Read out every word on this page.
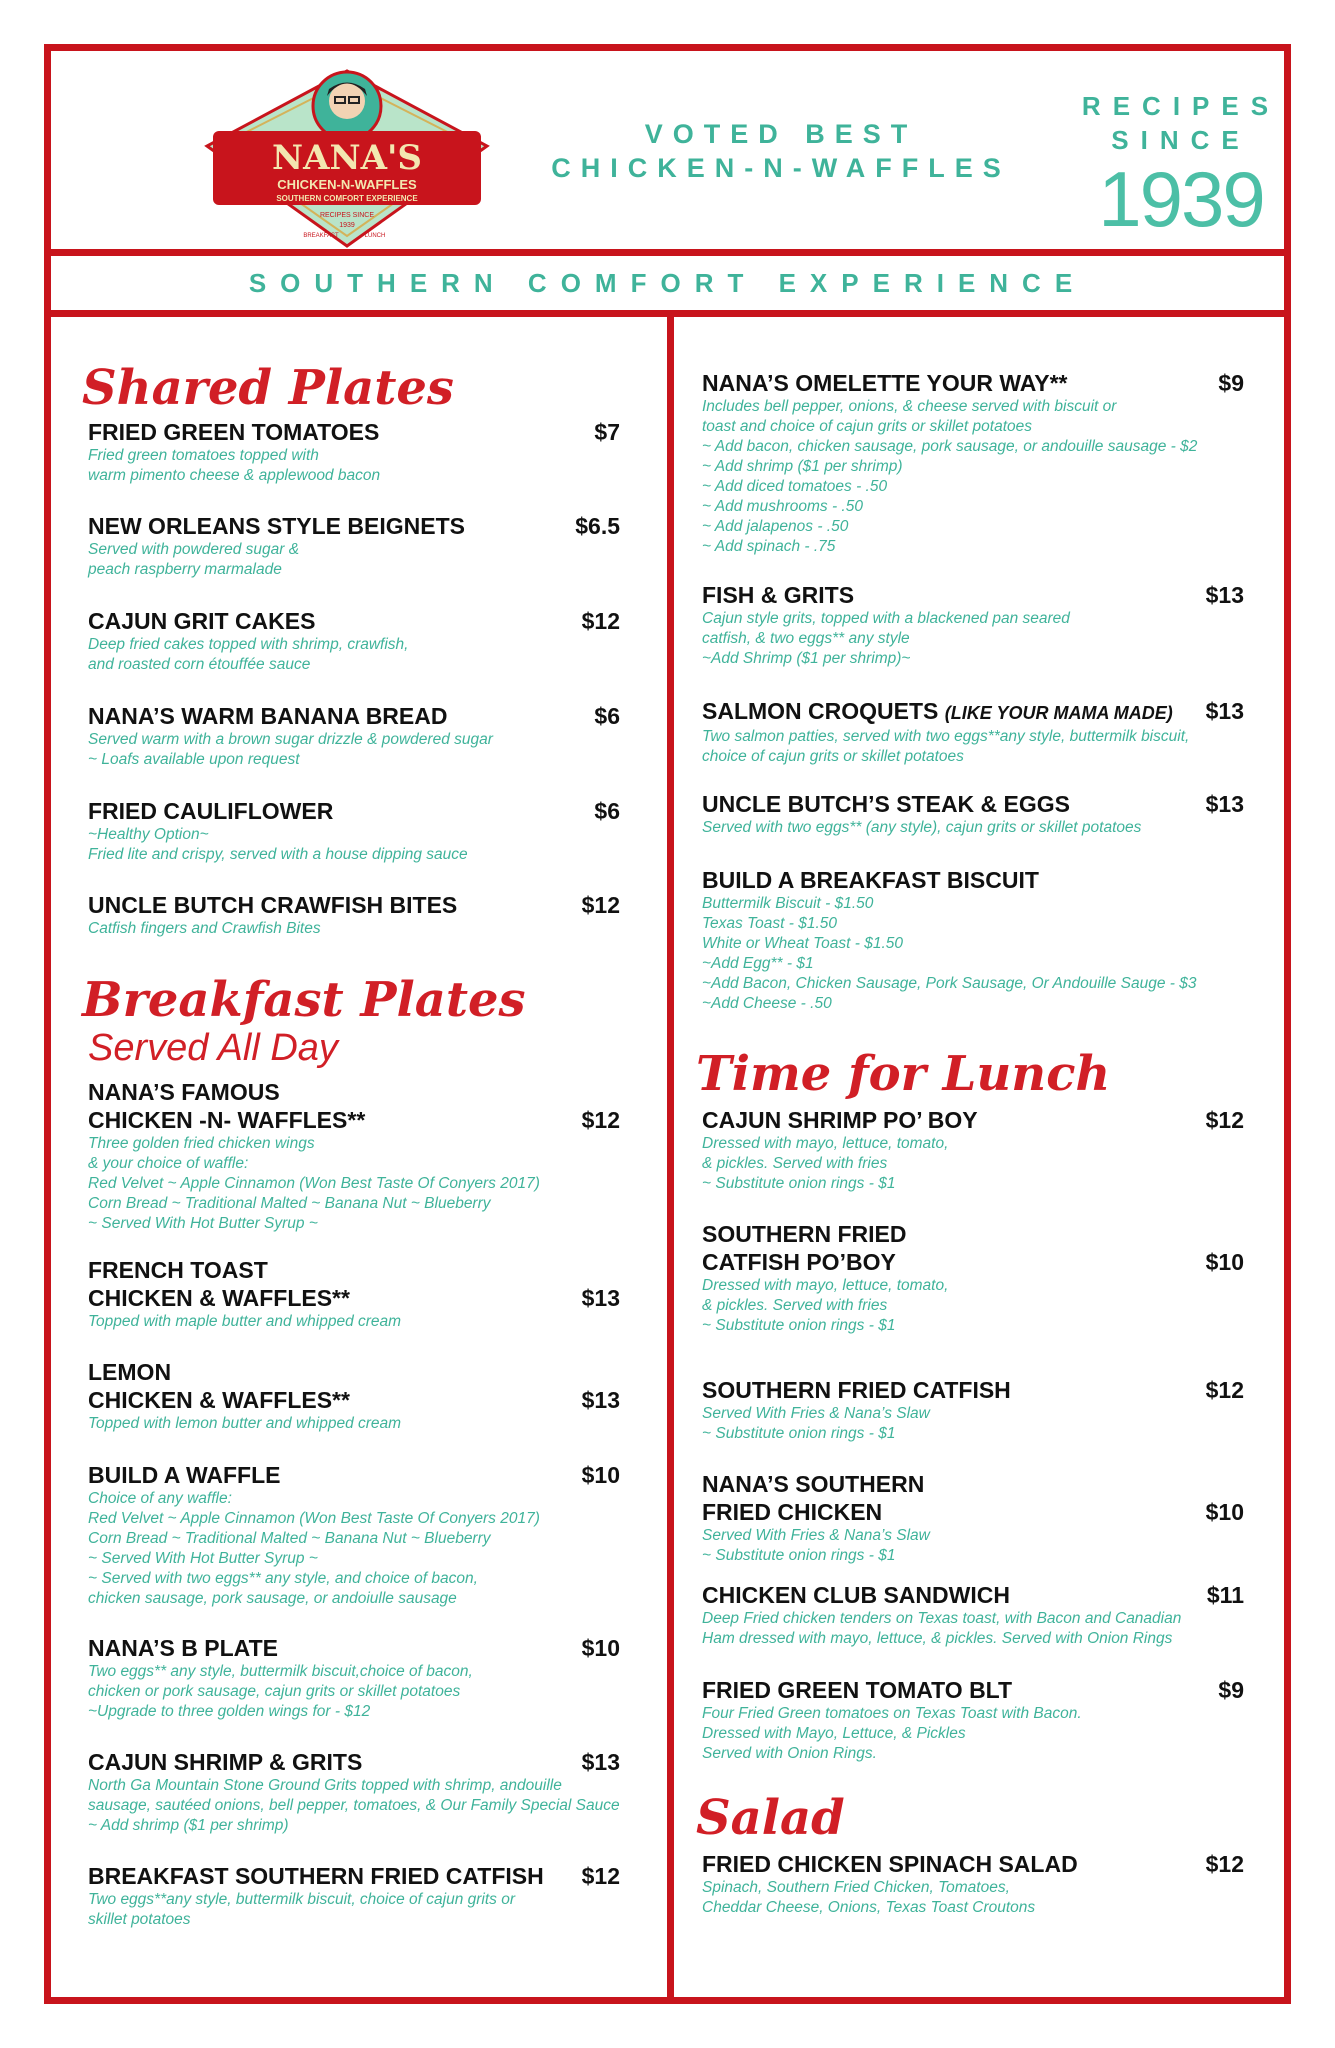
NANA'S
CHICKEN-N-WAFFLES
SOUTHERN COMFORT EXPERIENCE
RECIPES SINCE
1939
BREAKFAST	LUNCH
VOTED BEST
CHICKEN-N-WAFFLES
RECIPES
SINCE
1939
SOUTHERN COMFORT EXPERIENCE
Shared Plates
FRIED GREEN TOMATOES	$7
Fried green tomatoes topped with
warm pimento cheese & applewood bacon
NEW ORLEANS STYLE BEIGNETS	$6.5
Served with powdered sugar &
peach raspberry marmalade
CAJUN GRIT CAKES	$12
Deep fried cakes topped with shrimp, crawfish,
and roasted corn étouffée sauce
NANA’S WARM BANANA BREAD	$6
Served warm with a brown sugar drizzle & powdered sugar
~ Loafs available upon request
FRIED CAULIFLOWER	$6
~Healthy Option~
Fried lite and crispy, served with a house dipping sauce
UNCLE BUTCH CRAWFISH BITES	$12
Catfish fingers and Crawfish Bites
Breakfast Plates
Served All Day
NANA’S FAMOUS
CHICKEN -N- WAFFLES**	$12
Three golden fried chicken wings
& your choice of waffle:
Red Velvet ~ Apple Cinnamon (Won Best Taste Of Conyers 2017)
Corn Bread ~ Traditional Malted ~ Banana Nut ~ Blueberry
~ Served With Hot Butter Syrup ~
FRENCH TOAST
CHICKEN & WAFFLES**	$13
Topped with maple butter and whipped cream
LEMON
CHICKEN & WAFFLES**	$13
Topped with lemon butter and whipped cream
BUILD A WAFFLE	$10
Choice of any waffle:
Red Velvet ~ Apple Cinnamon (Won Best Taste Of Conyers 2017)
Corn Bread ~ Traditional Malted ~ Banana Nut ~ Blueberry
~ Served With Hot Butter Syrup ~
~ Served with two eggs** any style, and choice of bacon,
chicken sausage, pork sausage, or andoiulle sausage
NANA’S B PLATE	$10
Two eggs** any style, buttermilk biscuit,choice of bacon,
chicken or pork sausage, cajun grits or skillet potatoes
~Upgrade to three golden wings for - $12
CAJUN SHRIMP & GRITS	$13
North Ga Mountain Stone Ground Grits topped with shrimp, andouille
sausage, sautéed onions, bell pepper, tomatoes, & Our Family Special Sauce
~ Add shrimp ($1 per shrimp)
BREAKFAST SOUTHERN FRIED CATFISH $12
Two eggs**any style, buttermilk biscuit, choice of cajun grits or
skillet potatoes
NANA’S OMELETTE YOUR WAY**	$9
Includes bell pepper, onions, & cheese served with biscuit or
toast and choice of cajun grits or skillet potatoes
~ Add bacon, chicken sausage, pork sausage, or andouille sausage - $2
~ Add shrimp ($1 per shrimp)
~ Add diced tomatoes - .50
~ Add mushrooms - .50
~ Add jalapenos - .50
~ Add spinach - .75
FISH & GRITS	$13
Cajun style grits, topped with a blackened pan seared
catfish, & two eggs** any style
~Add Shrimp ($1 per shrimp)~
SALMON CROQUETS (LIKE YOUR MAMA MADE) $13
Two salmon patties, served with two eggs**any style, buttermilk biscuit,
choice of cajun grits or skillet potatoes
UNCLE BUTCH’S STEAK & EGGS	$13
Served with two eggs** (any style), cajun grits or skillet potatoes
BUILD A BREAKFAST BISCUIT
Buttermilk Biscuit - $1.50
Texas Toast - $1.50
White or Wheat Toast - $1.50
~Add Egg** - $1
~Add Bacon, Chicken Sausage, Pork Sausage, Or Andouille Sauge - $3
~Add Cheese - .50
Time for Lunch
CAJUN SHRIMP PO’ BOY	$12
Dressed with mayo, lettuce, tomato,
& pickles. Served with fries
~ Substitute onion rings - $1
SOUTHERN FRIED
CATFISH PO’BOY	$10
Dressed with mayo, lettuce, tomato,
& pickles. Served with fries
~ Substitute onion rings - $1
SOUTHERN FRIED CATFISH	$12
Served With Fries & Nana’s Slaw
~ Substitute onion rings - $1
NANA’S SOUTHERN
FRIED CHICKEN	$10
Served With Fries & Nana’s Slaw
~ Substitute onion rings - $1
CHICKEN CLUB SANDWICH	$11
Deep Fried chicken tenders on Texas toast, with Bacon and Canadian
Ham dressed with mayo, lettuce, & pickles. Served with Onion Rings
FRIED GREEN TOMATO BLT	$9
Four Fried Green tomatoes on Texas Toast with Bacon.
Dressed with Mayo, Lettuce, & Pickles
Served with Onion Rings.
Salad
FRIED CHICKEN SPINACH SALAD	$12
Spinach, Southern Fried Chicken, Tomatoes,
Cheddar Cheese, Onions, Texas Toast Croutons
